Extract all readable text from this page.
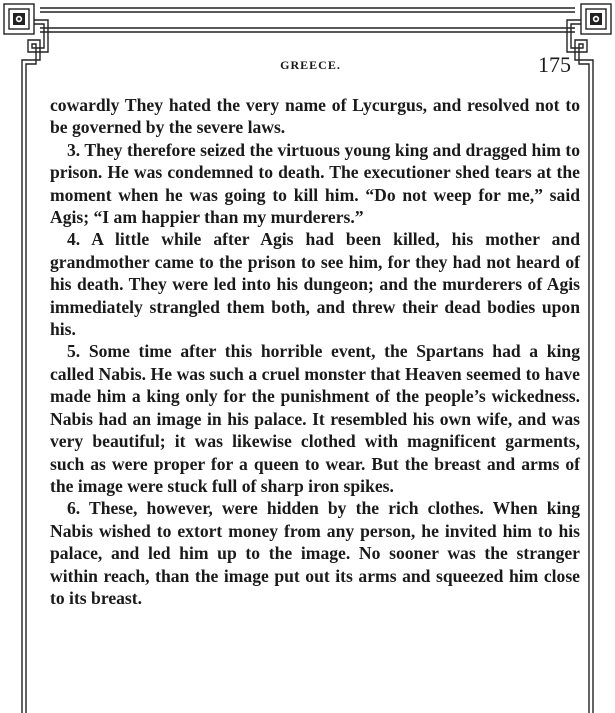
GREECE.	175

cowardly They hated the very name of Lycurgus, and resolved not to be governed by the severe laws.

3. They therefore seized the virtuous young king and dragged him to prison. He was condemned to death. The executioner shed tears at the moment when he was going to kill him. “Do not weep for me,” said Agis; “I am happier than my murderers.”

4. A little while after Agis had been killed, his mother and grandmother came to the prison to see him, for they had not heard of his death. They were led into his dungeon; and the murderers of Agis immediately strangled them both, and threw their dead bodies upon his.

5. Some time after this horrible event, the Spartans had a king called Nabis. He was such a cruel monster that Heaven seemed to have made him a king only for the punishment of the people’s wickedness. Nabis had an image in his palace. It resembled his own wife, and was very beautiful; it was likewise clothed with magnificent garments, such as were proper for a queen to wear. But the breast and arms of the image were stuck full of sharp iron spikes.

6. These, however, were hidden by the rich clothes. When king Nabis wished to extort money from any person, he invited him to his palace, and led him up to the image. No sooner was the stranger within reach, than the image put out its arms and squeezed him close to its breast.
